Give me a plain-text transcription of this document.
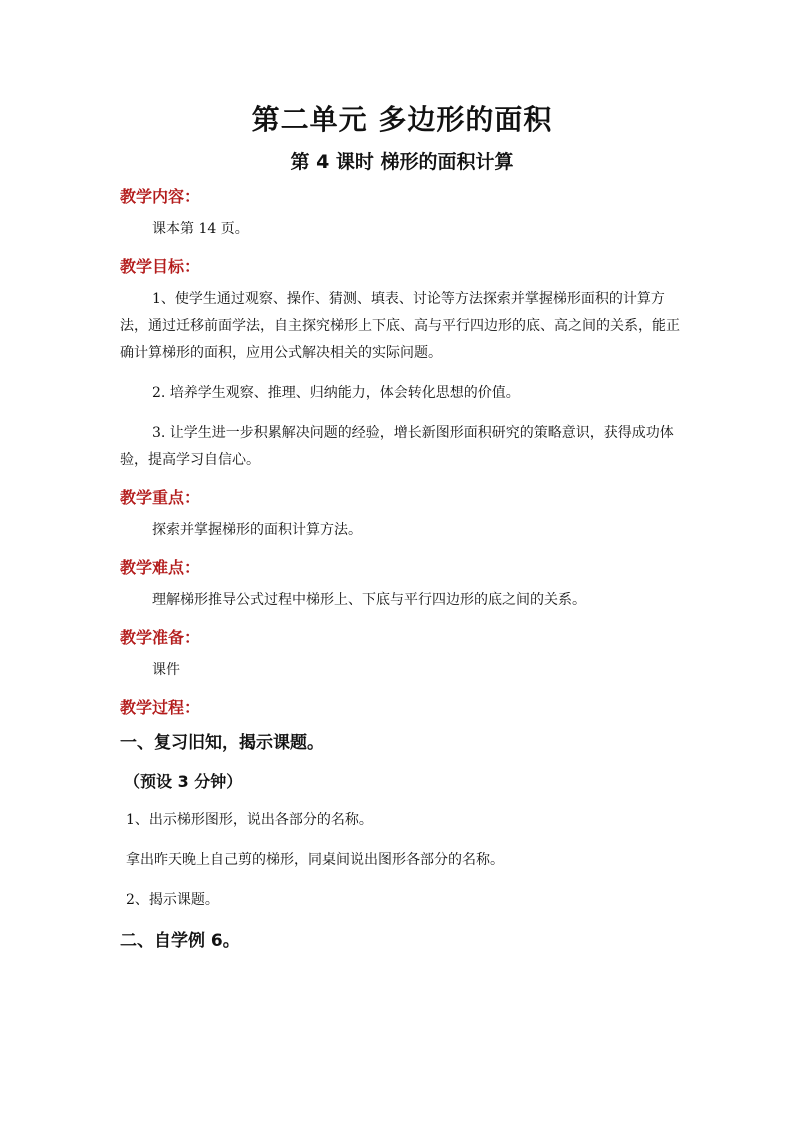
第二单元 多边形的面积
第 4 课时 梯形的面积计算
教学内容：

课本第 14 页。

教学目标：

1、使学生通过观察、操作、猜测、填表、讨论等方法探索并掌握梯形面积的计算方法，通过迁移前面学法，自主探究梯形上下底、高与平行四边形的底、高之间的关系，能正确计算梯形的面积，应用公式解决相关的实际问题。

2. 培养学生观察、推理、归纳能力，体会转化思想的价值。

3. 让学生进一步积累解决问题的经验，增长新图形面积研究的策略意识，获得成功体验，提高学习自信心。

教学重点：

探索并掌握梯形的面积计算方法。

教学难点：

理解梯形推导公式过程中梯形上、下底与平行四边形的底之间的关系。

教学准备：

课件

教学过程：
一、复习旧知，揭示课题。
（预设 3 分钟）
1、出示梯形图形，说出各部分的名称。
拿出昨天晚上自己剪的梯形，同桌间说出图形各部分的名称。
2、揭示课题。
二、自学例 6。
